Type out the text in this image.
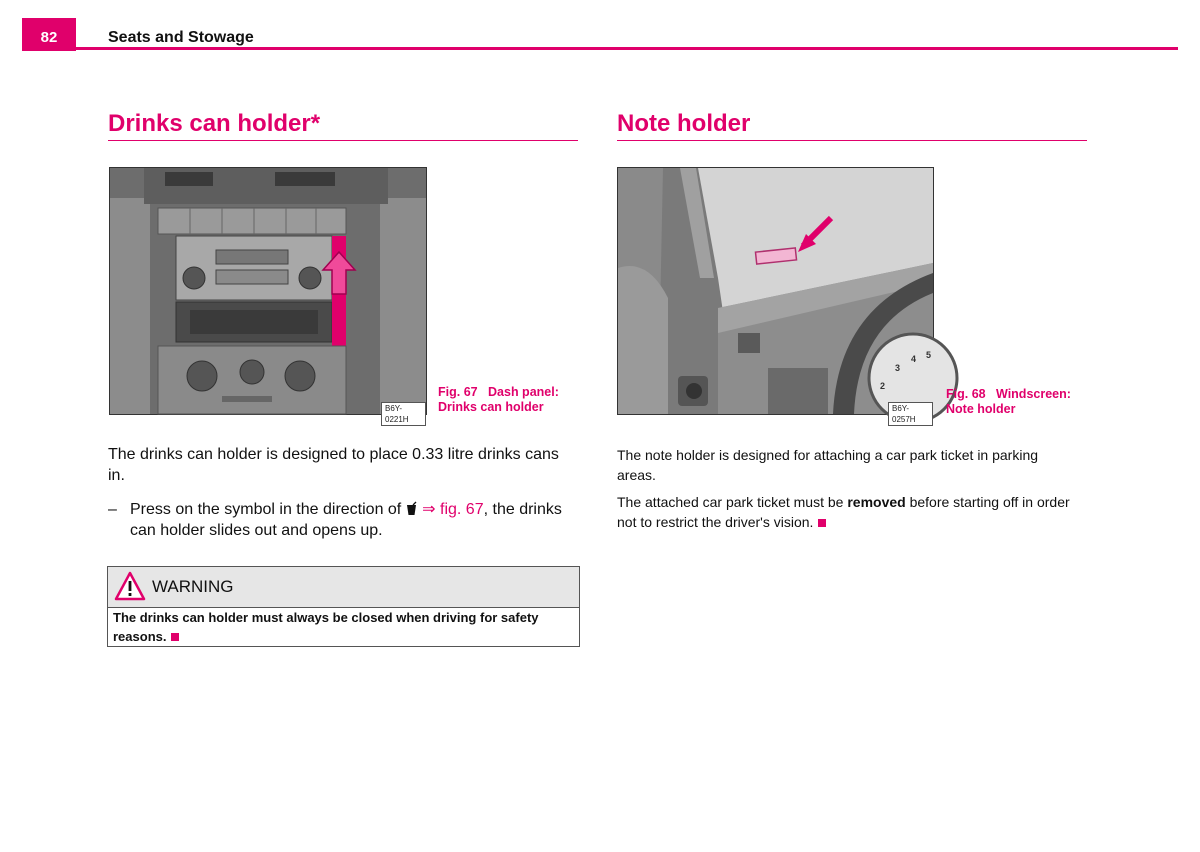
82	Seats and Stowage
Drinks can holder*
B6Y-0221H
Fig. 67 Dash panel:
Drinks can holder
The drinks can holder is designed to place 0.33 litre drinks cans in.
– Press on the symbol in the direction of ⇒ fig. 67, the drinks can holder slides out and opens up.
WARNING
The drinks can holder must always be closed when driving for safety reasons.
Note holder
2
3
4 5
B6Y-0257H
Fig. 68 Windscreen:
Note holder
The note holder is designed for attaching a car park ticket in parking areas.
The attached car park ticket must be removed before starting off in order not to restrict the driver's vision.
